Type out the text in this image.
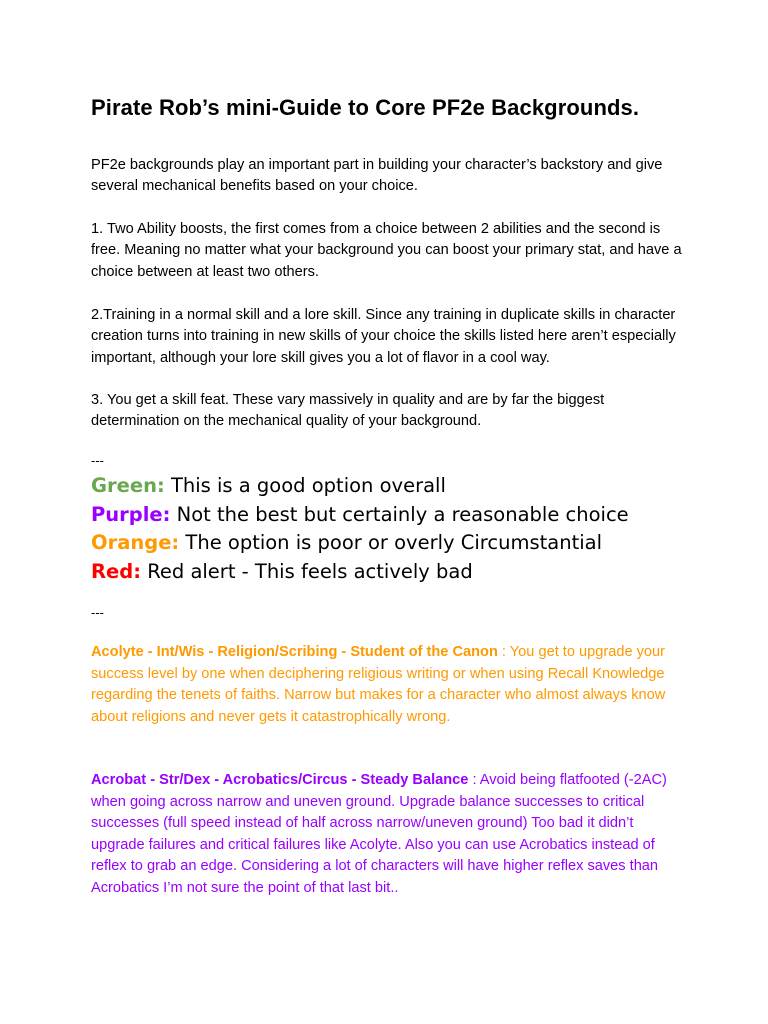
Pirate Rob’s mini-Guide to Core PF2e Backgrounds.

PF2e backgrounds play an important part in building your character’s backstory and give several mechanical benefits based on your choice.

1. Two Ability boosts, the first comes from a choice between 2 abilities and the second is free. Meaning no matter what your background you can boost your primary stat, and have a choice between at least two others.

2.Training in a normal skill and a lore skill. Since any training in duplicate skills in character creation turns into training in new skills of your choice the skills listed here aren’t especially important, although your lore skill gives you a lot of flavor in a cool way.

3. You get a skill feat. These vary massively in quality and are by far the biggest determination on the mechanical quality of your background.

---

Green: This is a good option overall
Purple: Not the best but certainly a reasonable choice
Orange: The option is poor or overly Circumstantial
Red: Red alert - This feels actively bad

---

Acolyte - Int/Wis - Religion/Scribing - Student of the Canon : You get to upgrade your success level by one when deciphering religious writing or when using Recall Knowledge regarding the tenets of faiths. Narrow but makes for a character who almost always know about religions and never gets it catastrophically wrong.

Acrobat - Str/Dex - Acrobatics/Circus - Steady Balance : Avoid being flatfooted (-2AC) when going across narrow and uneven ground. Upgrade balance successes to critical successes (full speed instead of half across narrow/uneven ground) Too bad it didn’t upgrade failures and critical failures like Acolyte. Also you can use Acrobatics instead of reflex to grab an edge. Considering a lot of characters will have higher reflex saves than Acrobatics I’m not sure the point of that last bit..
